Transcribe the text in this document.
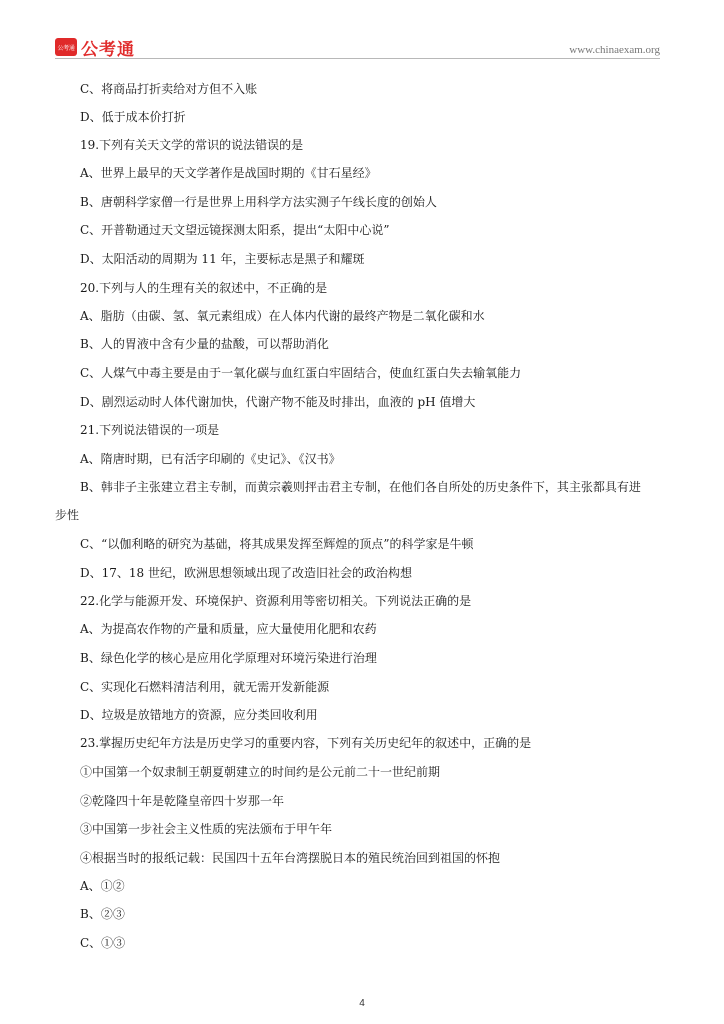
公考通 公考通	www.chinaexam.org
C、将商品打折卖给对方但不入账
D、低于成本价打折
19.下列有关天文学的常识的说法错误的是
A、世界上最早的天文学著作是战国时期的《甘石星经》
B、唐朝科学家僧一行是世界上用科学方法实测子午线长度的创始人
C、开普勒通过天文望远镜探测太阳系，提出“太阳中心说”
D、太阳活动的周期为 11 年，主要标志是黑子和耀斑
20.下列与人的生理有关的叙述中，不正确的是
A、脂肪（由碳、氢、氧元素组成）在人体内代谢的最终产物是二氧化碳和水
B、人的胃液中含有少量的盐酸，可以帮助消化
C、人煤气中毒主要是由于一氧化碳与血红蛋白牢固结合，使血红蛋白失去输氧能力
D、剧烈运动时人体代谢加快，代谢产物不能及时排出，血液的 pH 值增大
21.下列说法错误的一项是
A、隋唐时期，已有活字印刷的《史记》、《汉书》
B、韩非子主张建立君主专制，而黄宗羲则抨击君主专制，在他们各自所处的历史条件下，其主张都具有进
步性
C、“以伽利略的研究为基础，将其成果发挥至辉煌的顶点”的科学家是牛顿
D、17、18 世纪，欧洲思想领域出现了改造旧社会的政治构想
22.化学与能源开发、环境保护、资源利用等密切相关。下列说法正确的是
A、为提高农作物的产量和质量，应大量使用化肥和农药
B、绿色化学的核心是应用化学原理对环境污染进行治理
C、实现化石燃料清洁利用，就无需开发新能源
D、垃圾是放错地方的资源，应分类回收利用
23.掌握历史纪年方法是历史学习的重要内容，下列有关历史纪年的叙述中，正确的是
①中国第一个奴隶制王朝夏朝建立的时间约是公元前二十一世纪前期
②乾隆四十年是乾隆皇帝四十岁那一年
③中国第一步社会主义性质的宪法颁布于甲午年
④根据当时的报纸记载：民国四十五年台湾摆脱日本的殖民统治回到祖国的怀抱
A、①②
B、②③
C、①③
4
